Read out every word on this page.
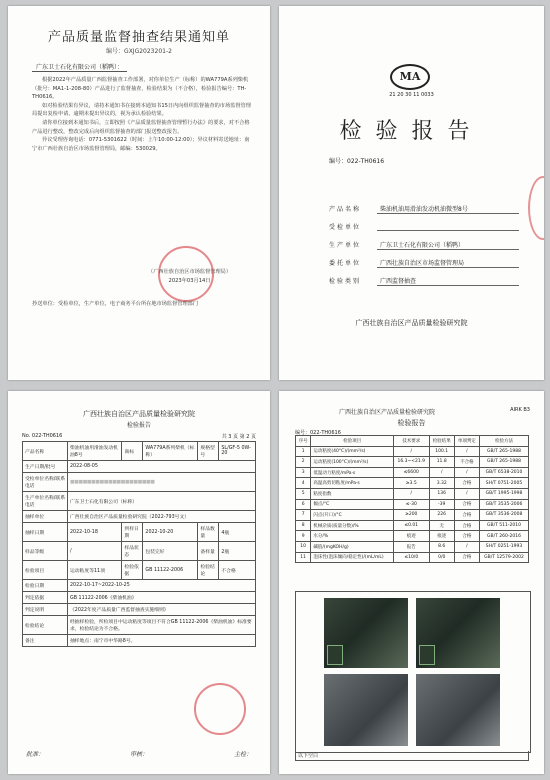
产品质量监督抽查结果通知单
编号：GXJG2023201-2
广东卫士石化有限公司（稻鸭）：

根据2022年产品质量广西监督抽查工作部署，对你单位生产（标称）的WA779A系列柴机（批号：MA1-1-208-80）产品进行了监督抽查，检验结果为（不合格），检验报告编号：TH-TH0616。

如对检验结果有异议，请持本通知书在接到本通知书15日内向组织监督抽查的市场监督管理局提出复检申请，逾期未提出异议的，视为承认检验结果。

请你单位接到本通知书后，立即按照《产品质量监督抽查管理暂行办法》的要求，对不合格产品进行整改，整改完成后向组织监督抽查的部门报送整改报告。

异议受理咨询电话：0771-5301622（时间：上午10:00-12:00）；异议材料寄送地址：南宁市广西壮族自治区市场监督管理局，邮编：530029。

（广西壮族自治区市场监督管理局）
2023年03月14日
抄送单位：受检单位，生产单位，电子商务平台所在地市场监督管理部门
MA
21 20 30 11 0033
检验报告
编号：022-TH0616
产品名称	柴油机油用滑油发动机油微型8号
受检单位

生产单位	广东卫士石化有限公司（稻鸭）
委托单位	广西壮族自治区市场监督管理局
检验类别	广西监督抽查
广西壮族自治区产品质量检验研究院
广西壮族自治区产品质量检验研究院
检验报告
No. 022-TH0616	共 3 页 第 2 页
产品名称	柴油机油用滑油发动机油8号	商标	WA779A系列柴机（标称）	规格型号	SL/GF-5 0W-20
生产日期/批号	2022-08-05				
受检单位名称/联系电话	■■■■■■■■■■■■■■■■■■■■				
生产单位名称/联系电话	广东卫士石化有限公司（标称）				
抽样单位	广西壮族自治区产品质量检验研究院（2022-793号文）				
抽样日期	2022-10-18	到样日期	2022-10-20	样品数量	4瓶
样品等级	/	样品状态	包装完好	备样量	2瓶
检验项目	运动粘度等11项	检验依据	GB 11122-2006	检验结论	不合格
检验日期	2022-10-17~2022-10-25				
判定依据	GB 11122-2006《柴油机油》				
判定说明	《2022年度产品质量广西监督抽查实施细则》				
检验结论	经抽样检验，所检项目中运动粘度等项目不符合GB 11122-2006《柴油机油》标准要求，检验结论为不合格。				
备注	抽样地点：南宁市中华路8号。				
批准：	审核：	主检：
广西壮族自治区产品质量检验研究院	AIRK B3
检验报告
编号：022-TH0616
序号	检验项目	技术要求	检验结果	单项判定	检验方法
1	运动粘度(40°C)/(mm²/s)	/	100.1	/	GB/T 265-1988
2	运动粘度(100°C)/(mm²/s)	16.3~<21.9	11.8	不合格	GB/T 265-1988
3	低温动力粘度/mPa·s	≤6600	/	/	GB/T 6538-2010
4	高温高剪切粘度/mPa·s	≥3.5	3.32	合格	SH/T 0751-2005
5	粘度指数	/	136	/	GB/T 1995-1998
6	倾点/°C	≤-30	-39	合格	GB/T 3535-2006
7	闪点(开口)/°C	≥200	226	合格	GB/T 3536-2008
8	机械杂质(质量分数)/%	≤0.01	无	合格	GB/T 511-2010
9	水分/%	痕迹	痕迹	合格	GB/T 260-2016
10	碱值/(mgKOH/g)	报告	8.6	/	SH/T 0251-1993
11	泡沫性(泡沫倾向/稳定性)/(mL/mL)	≤10/0	0/0	合格	GB/T 12579-2002
以下空白
